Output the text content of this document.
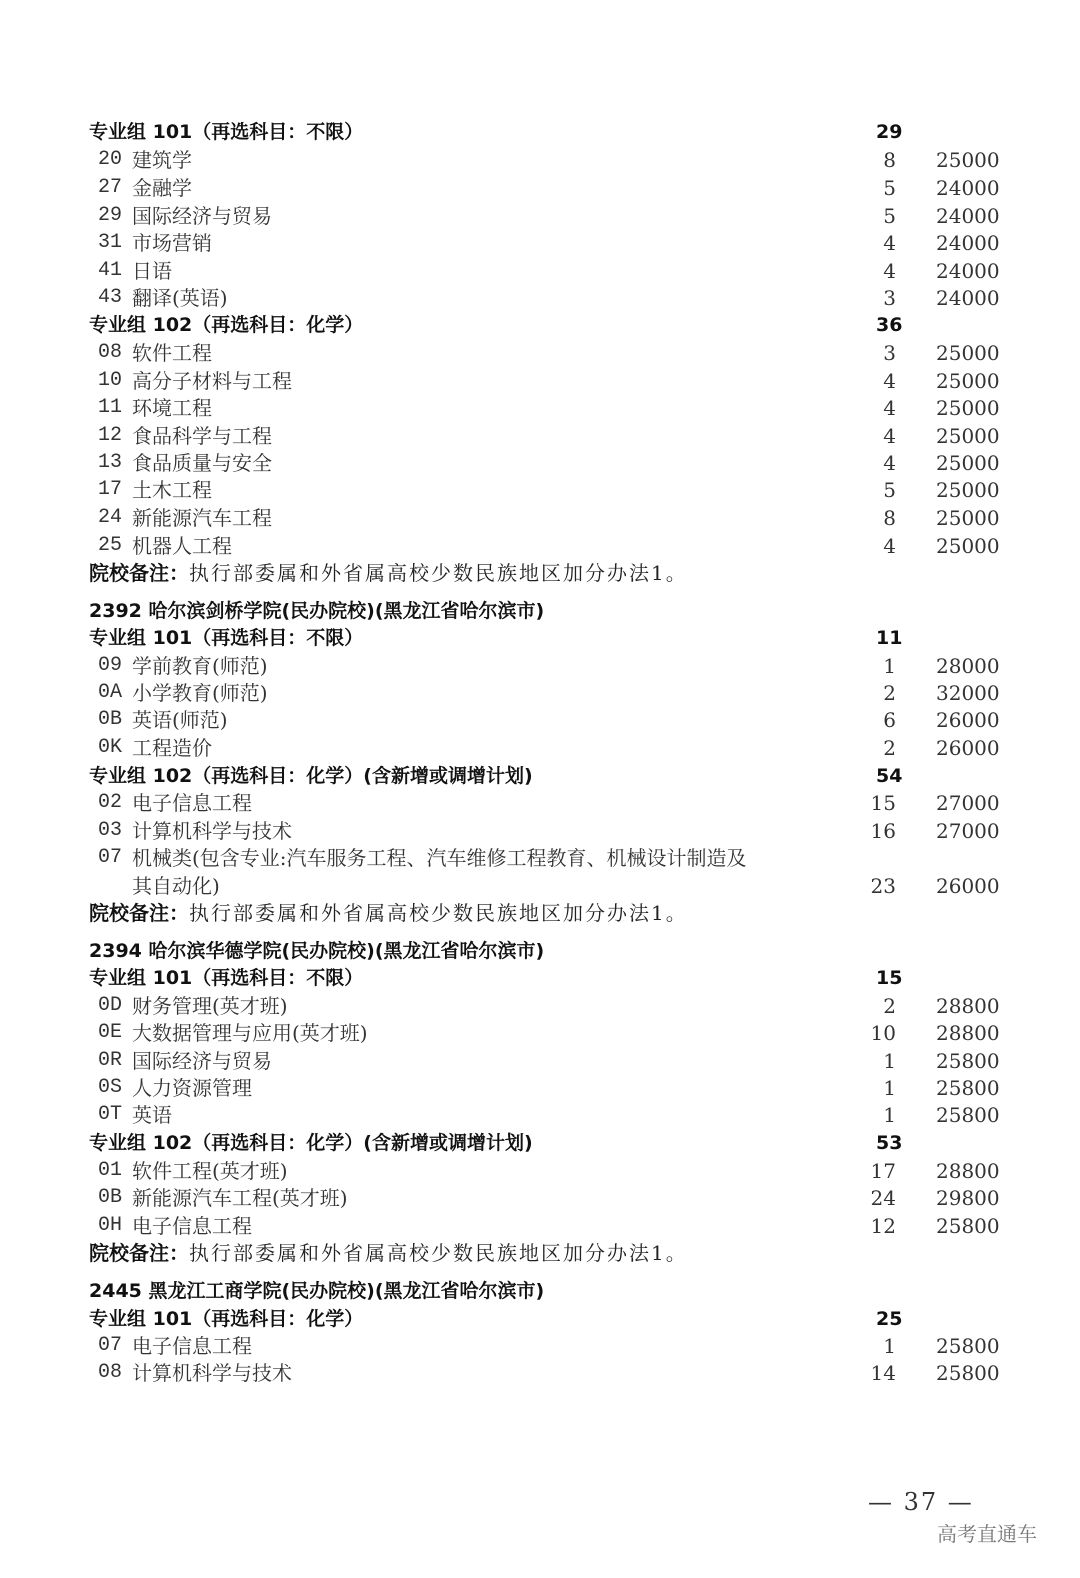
专业组 101（再选科目：不限）	29
20 建筑学	8 25000
27 金融学	5 24000
29 国际经济与贸易	5 24000
31 市场营销	4 24000
41 日语	4 24000
43 翻译(英语)	3 24000
专业组 102（再选科目：化学）	36
08 软件工程	3 25000
10 高分子材料与工程	4 25000
11 环境工程	4 25000
12 食品科学与工程	4 25000
13 食品质量与安全	4 25000
17 土木工程	5 25000
24 新能源汽车工程	8 25000
25 机器人工程	4 25000
院校备注：执行部委属和外省属高校少数民族地区加分办法1。
2392 哈尔滨剑桥学院(民办院校)(黑龙江省哈尔滨市)
专业组 101（再选科目：不限）	11
09 学前教育(师范)	1 28000
0A 小学教育(师范)	2 32000
0B 英语(师范)	6 26000
0K 工程造价	2 26000
专业组 102（再选科目：化学）(含新增或调增计划)	54
02 电子信息工程	15 27000
03 计算机科学与技术	16 27000
07 机械类(包含专业:汽车服务工程、汽车维修工程教育、机械设计制造及
其自动化)	23 26000
院校备注：执行部委属和外省属高校少数民族地区加分办法1。
2394 哈尔滨华德学院(民办院校)(黑龙江省哈尔滨市)
专业组 101（再选科目：不限）	15
0D 财务管理(英才班)	2 28800
0E 大数据管理与应用(英才班)	10 28800
0R 国际经济与贸易	1 25800
0S 人力资源管理	1 25800
0T 英语	1 25800
专业组 102（再选科目：化学）(含新增或调增计划)	53
01 软件工程(英才班)	17 28800
0B 新能源汽车工程(英才班)	24 29800
0H 电子信息工程	12 25800
院校备注：执行部委属和外省属高校少数民族地区加分办法1。
2445 黑龙江工商学院(民办院校)(黑龙江省哈尔滨市)
专业组 101（再选科目：化学）	25
07 电子信息工程	1 25800
08 计算机科学与技术	14 25800
— 37 —
高考直通车
